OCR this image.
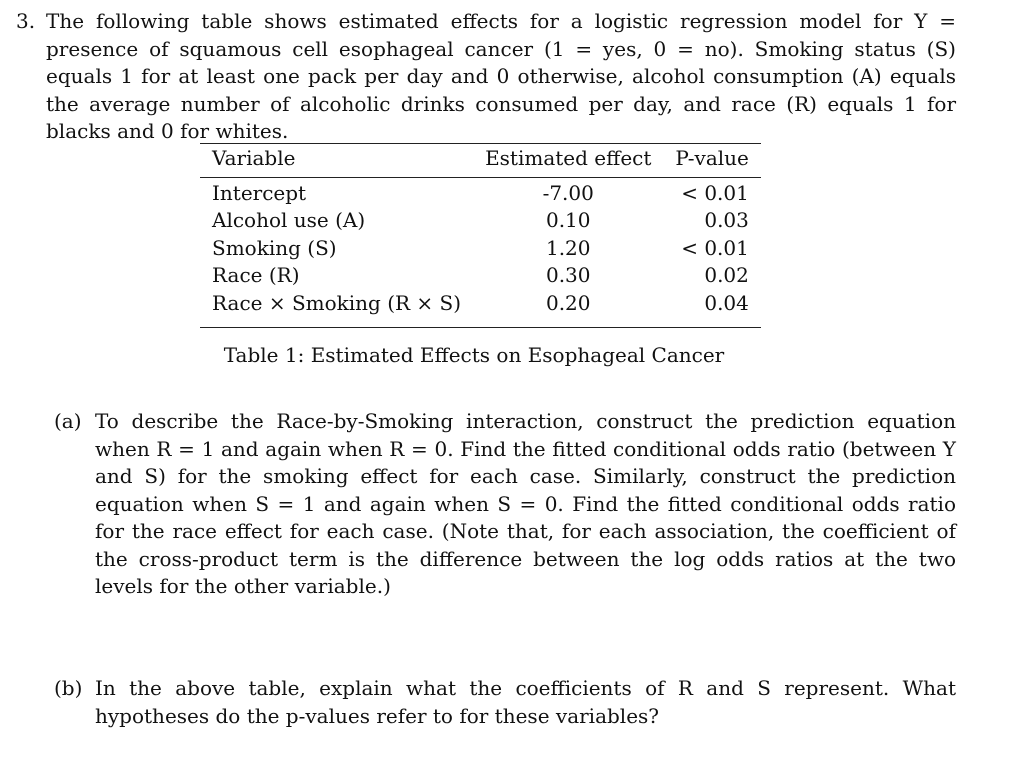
3. The following table shows estimated effects for a logistic regression model for Y = presence of squamous cell esophageal cancer (1 = yes, 0 = no). Smoking status (S) equals 1 for at least one pack per day and 0 otherwise, alcohol consumption (A) equals the average number of alcoholic drinks consumed per day, and race (R) equals 1 for blacks and 0 for whites.
Variable	Estimated effect	P-value
Intercept	-7.00	< 0.01
Alcohol use (A)	0.10	0.03
Smoking (S)	1.20	< 0.01
Race (R)	0.30	0.02
Race × Smoking (R × S)	0.20	0.04
Table 1: Estimated Effects on Esophageal Cancer
(a) To describe the Race-by-Smoking interaction, construct the prediction equation when R = 1 and again when R = 0. Find the fitted conditional odds ratio (between Y and S) for the smoking effect for each case. Similarly, construct the prediction equation when S = 1 and again when S = 0. Find the fitted conditional odds ratio for the race effect for each case. (Note that, for each association, the coefficient of the cross-product term is the difference between the log odds ratios at the two levels for the other variable.)
(b) In the above table, explain what the coefficients of R and S represent. What hypotheses do the p-values refer to for these variables?
